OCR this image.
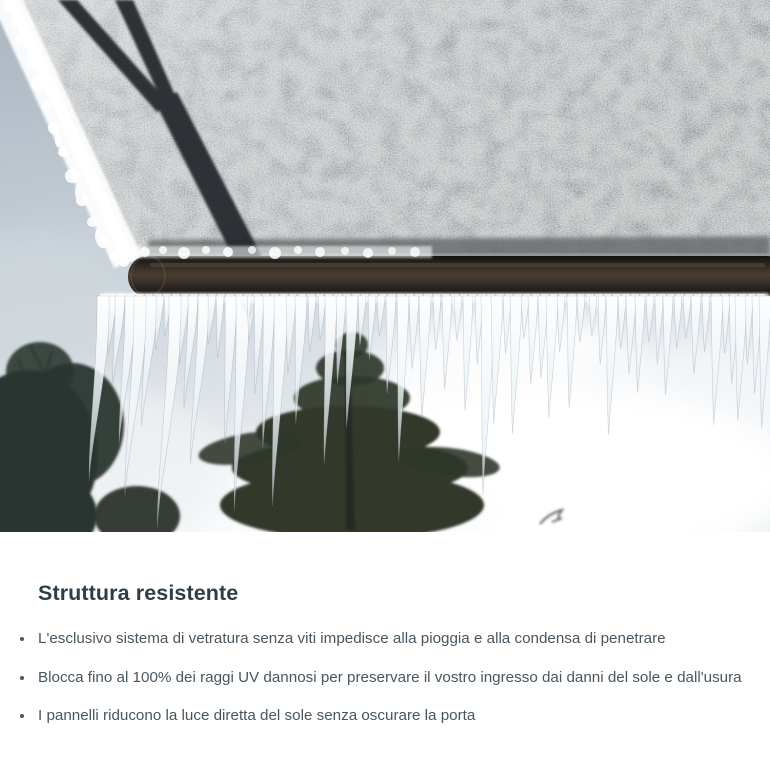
Struttura resistente
L'esclusivo sistema di vetratura senza viti impedisce alla pioggia e alla condensa di penetrare
Blocca fino al 100% dei raggi UV dannosi per preservare il vostro ingresso dai danni del sole e dall'usura
I pannelli riducono la luce diretta del sole senza oscurare la porta
